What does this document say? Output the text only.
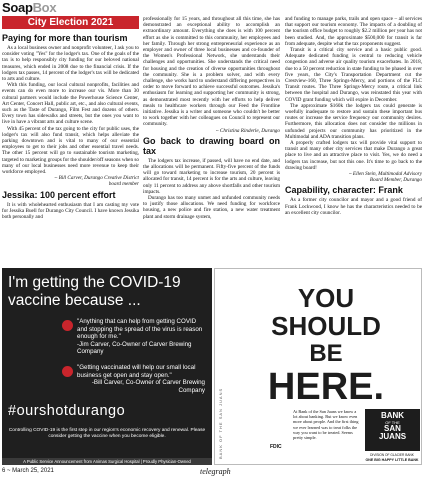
SoapBox
City Election 2021
Paying for more than tourism

As a local business owner and nonprofit volunteer, I ask you to consider voting "Yes" for the lodger's tax. One of the goals of the tax is to help responsibly city funding for our beloved national treasures, which ended in 2008 due to the financial crisis. If the lodgers tax passes, 14 percent of the lodger's tax will be dedicated to arts and culture.

With this funding, our local cultural nonprofits, facilities and events can do even more to increase our vis. More than 30 cultural partners would include the Powerhouse Science Center, Art Center, Concert Hall, public art, etc., and also cultural events, such as the Taste of Durango, Film Fest and dozens of others. Every town has sidewalks and streets, but the ones you want to live in have a vibrant arts and culture scene.

With 45 percent of the tax going to the city for public uses, the lodger's tax will also fund transit, which helps alleviate the parking downtown and is vital to many of our essential employees to get to their jobs and other essential travel needs. The other 15 percent will go to sustainable tourism marketing, targeted to marketing groups for the shoulder/off seasons when so many of our local businesses need more revenue to keep their workforce employed.

~ Bill Carver, Durango Creative District

board member

Jessika: 100 percent effort

It is with wholehearted enthusiasm that I am casting my vote for Jessika Buell for Durango City Council. I have known Jessika both personally and

professionally for 15 years, and throughout all this time, she has demonstrated an exceptional ability to accomplish an extraordinary amount. Everything she does is with 100 percent effort as she is committed to this community, her employees and her family. Through her strong entrepreneurial experience as an employer and owner of three local businesses and co-founder of the Women's Professional Network, she understands their challenges and opportunities. She understands the critical need for housing and the creation of diverse opportunities throughout the community. She is a problem solver, and with every challenge, she works hard to understand differing perspectives in order to move forward to achieve successful outcomes. Jessika's enthusiasm for learning and supporting her community is strong, as demonstrated most recently with her efforts to help deliver meals to healthcare workers through our Feed the Frontline initiative. Jessika is a writer and someone who couldn't be better to work together with her colleagues on Council to represent our community.

~ Christina Rinderle, Durango

Go back to drawing board on tax

The lodgers tax increase, if passed, will have no end date, and the allocations will be permanent. Fifty-five percent of the funds will go toward marketing to increase tourism, 20 percent is allocated for transit, 14 percent is for the arts and culture, leaving only 11 percent to address any above shortfalls and other tourism impacts.

Durango has too many unmet and unfunded community needs to justify those allocations. We need funding for workforce housing, a new police and fire station, a new water treatment plant and storm drainage system,

and funding to manage parks, trails and open space – all services that support our tourism economy. The impacts of a doubling of the tourism office budget to roughly $2.2 million per year has not been studied. And, the approximate $500,000 for transit is far from adequate, despite what the tax proponents suggest.

Transit is a critical city service and a basic public good. Adequate dedicated funding is central to reducing vehicle congestion and adverse air quality tourism exacerbates. In 2018, due to a 50 percent reduction in state funding to be phased in over five years, the City's Transportation Department cut the Crestview-160, Three Springs-Mercy, and portions of the FLC Transit routes. The Three Springs-Mercy route, a critical link between the hospital and Durango, was reinstated this year with COVID grant funding which will expire in December.

The approximate $160k the lodgers tax could generate is woefully inadequate to restore and sustain these important bus routes or increase the service frequency our community desires. Furthermore, this allocation does not consider the millions in unfunded projects our community has prioritized in the Multimodal and ADA transition plans.

A properly crafted lodgers tax will provide vital support to transit and many other city services that make Durango a great place to live and an attractive place to visit. Yes, we do need a lodgers tax increase, but not this one. It's time to go back to the drawing board!

~ Ellen Stein, Multimodal Advisory

Board Member, Durango

Capability, character: Frank

As a former city councilor and mayor and a good friend of Frank Lockwood, I know he has the characteristics needed to be an excellent city councilor.

I'm getting the COVID-19
vaccine because ...
"Anything that can help from getting COVID and stopping the spread of the virus is reason enough for me."
-Jim Carver, Co-Owner of Carver Brewing Company
"Getting vaccinated will help our small local business get open and stay open."
-Bill Carver, Co-Owner of Carver Brewing Company
#ourshotdurango
Controlling COVID-19 is the first step in our region's economic recovery and renewal. Please consider getting the vaccine when you become eligible.
A Public Service Announcement from Animas Surgical Hospital | Proudly Physician-Owned
BANK OF THE SAN JUANS
YOU
SHOULD
BE
HERE.
At Bank of the San Juans we know a lot about banking. But we know even more about people. And the first thing we ever learned was to treat folks the way you want to be treated. Seems pretty simple.
FDIC
BANK
OF THE
SAN
JUANS
DIVISION OF GLACIER BANK
ONE BIG HAPPY LITTLE BANK
6 ~ March 25, 2021	telegraph
